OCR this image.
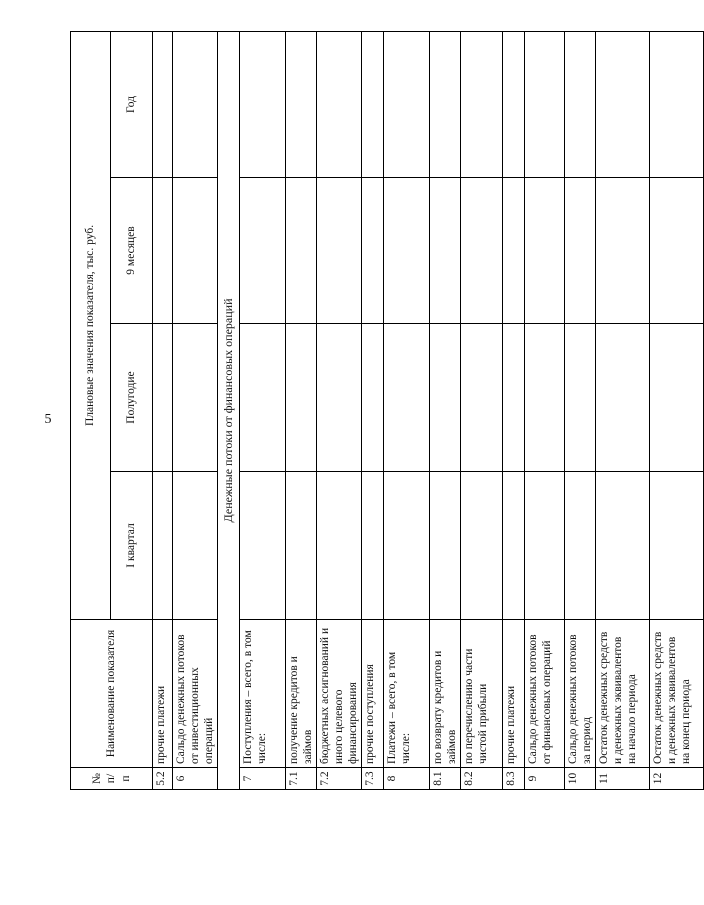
5
№ п/п	Наименование показателя	Плановые значения показателя, тыс. руб.			
		I квартал	Полугодие	9 месяцев	Год
5.2	прочие платежи				
6	Сальдо денежных потоков от инвестиционных операций				
Денежные потоки от финансовых операций					
7	Поступления – всего, в том числе:				
7.1	получение кредитов и займов				
7.2	бюджетных ассигнований и иного целевого финансирования				
7.3	прочие поступления				
8	Платежи – всего, в том числе:				
8.1	по возврату кредитов и займов				
8.2	по перечислению части чистой прибыли				
8.3	прочие платежи				
9	Сальдо денежных потоков от финансовых операций				
10	Сальдо денежных потоков за период				
11	Остаток денежных средств и денежных эквивалентов на начало периода				
12	Остаток денежных средств и денежных эквивалентов на конец периода				
